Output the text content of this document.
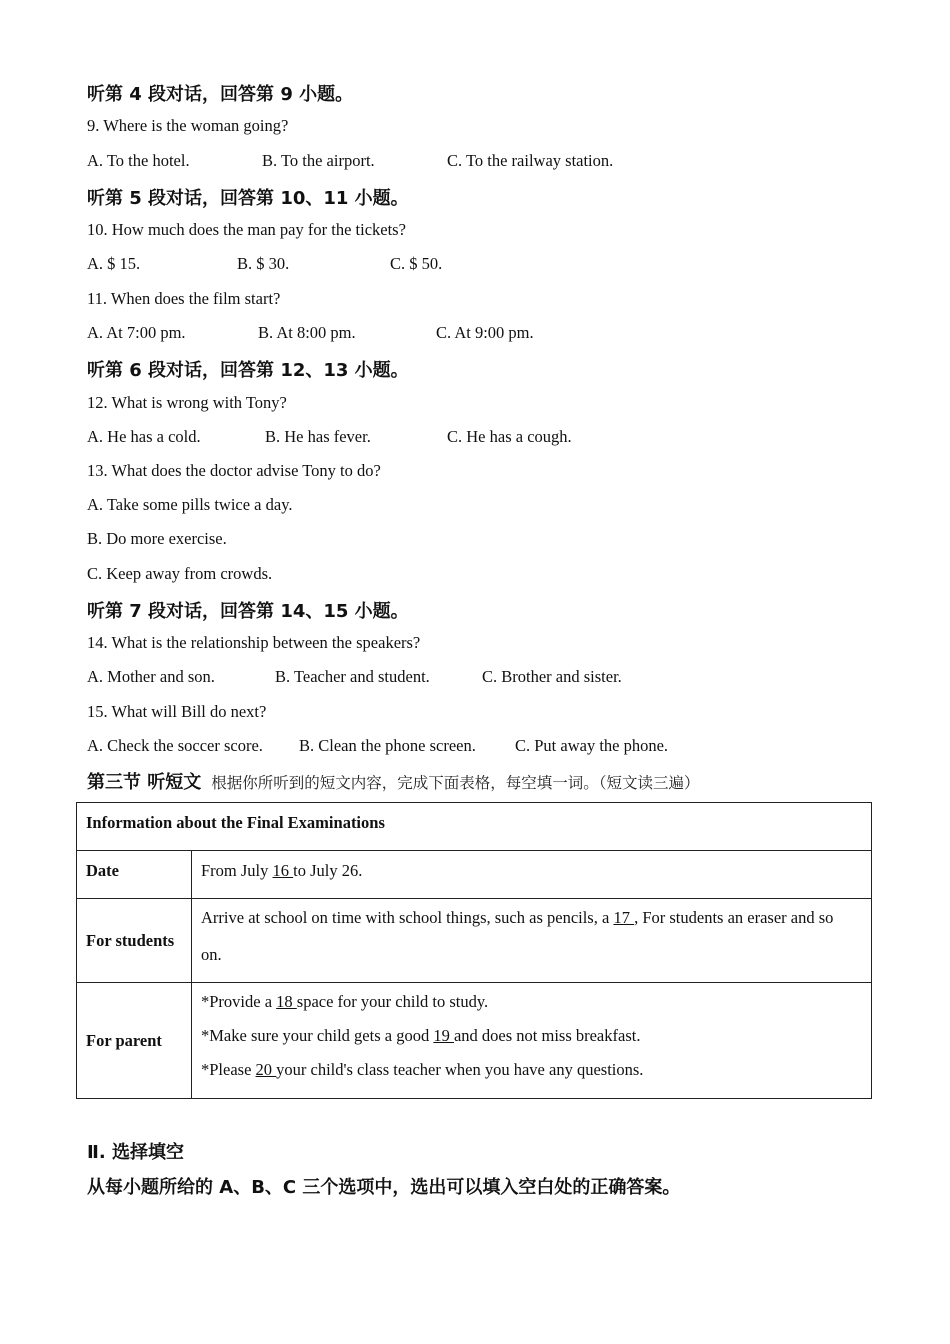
听第 4 段对话，回答第 9 小题。
9. Where is the woman going?
A. To the hotel.	B. To the airport.	C. To the railway station.
听第 5 段对话，回答第 10、11 小题。
10. How much does the man pay for the tickets?
A. $ 15.	B. $ 30.	C. $ 50.
11. When does the film start?
A. At 7:00 pm.	B. At 8:00 pm.	C. At 9:00 pm.
听第 6 段对话，回答第 12、13 小题。
12. What is wrong with Tony?
A. He has a cold.	B. He has fever.	C. He has a cough.
13. What does the doctor advise Tony to do?
A. Take some pills twice a day.
B. Do more exercise.
C. Keep away from crowds.
听第 7 段对话，回答第 14、15 小题。
14. What is the relationship between the speakers?
A. Mother and son.	B. Teacher and student.	C. Brother and sister.
15. What will Bill do next?
A. Check the soccer score. B. Clean the phone screen. C. Put away the phone.
第三节 听短文 根据你所听到的短文内容，完成下面表格，每空填一词。（短文读三遍）
Information about the Final Examinations	
Date	From July 16 to July 26.
For students	Arrive at school on time with school things, such as pencils, a 17 , For students an eraser and so
on.

For parent	*Provide a 18 space for your child to study.
*Make sure your child gets a good 19 and does not miss breakfast.
*Please 20 your child's class teacher when you have any questions.
Ⅱ. 选择填空
从每小题所给的 A、B、C 三个选项中，选出可以填入空白处的正确答案。
